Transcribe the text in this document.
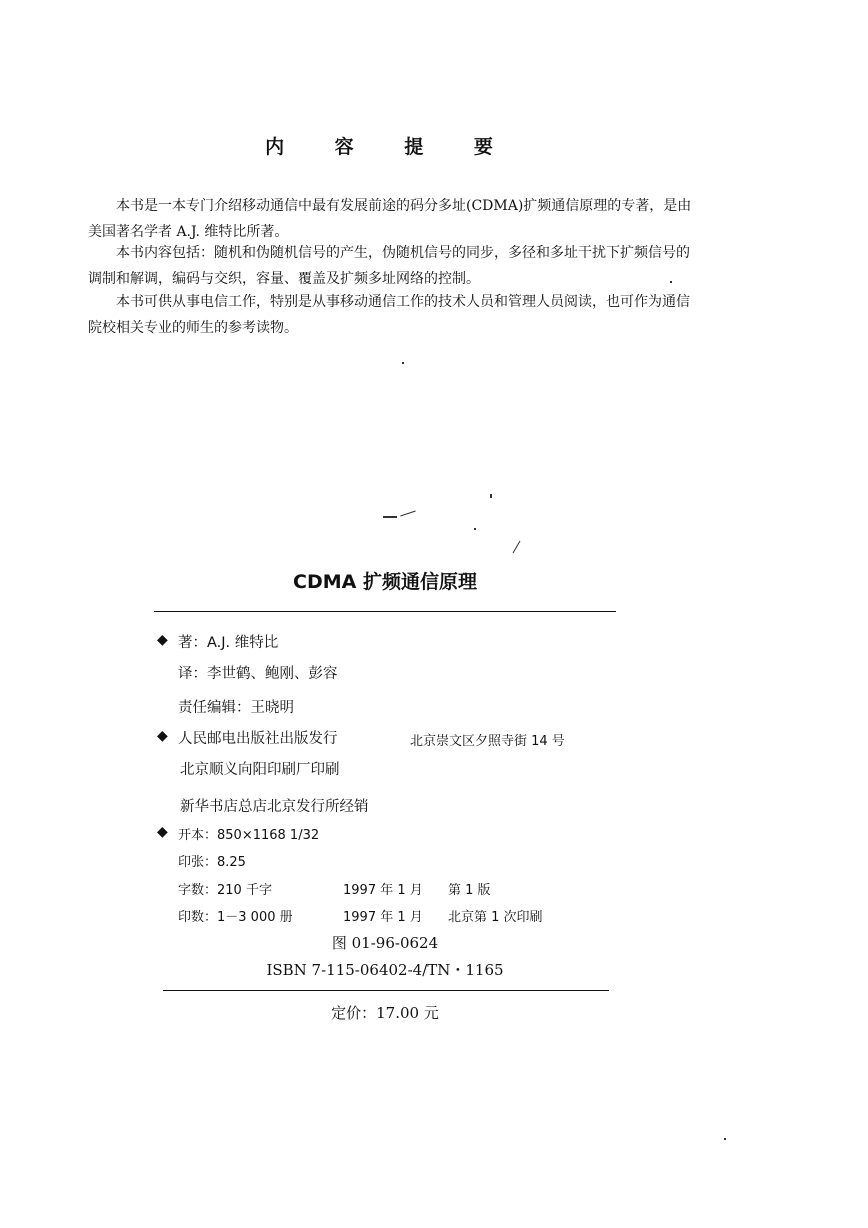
内 容 提 要
本书是一本专门介绍移动通信中最有发展前途的码分多址(CDMA)扩频通信原理的专著，是由美国著名学者 A.J. 维特比所著。
本书内容包括：随机和伪随机信号的产生，伪随机信号的同步，多径和多址干扰下扩频信号的调制和解调，编码与交织，容量、覆盖及扩频多址网络的控制。
本书可供从事电信工作，特别是从事移动通信工作的技术人员和管理人员阅读，也可作为通信院校相关专业的师生的参考读物。
CDMA 扩频通信原理
◆ 著：A.J. 维特比
译：李世鹤、鲍刚、彭容
责任编辑：王晓明
◆ 人民邮电出版社出版发行	北京崇文区夕照寺街 14 号
北京顺义向阳印刷厂印刷
新华书店总店北京发行所经销
◆ 开本：850×1168 1/32
印张：8.25
字数：210 千字	1997 年 1 月 第 1 版
印数：1－3 000 册	1997 年 1 月 北京第 1 次印刷
图 01-96-0624
ISBN 7-115-06402-4/TN・1165
定价：17.00 元
